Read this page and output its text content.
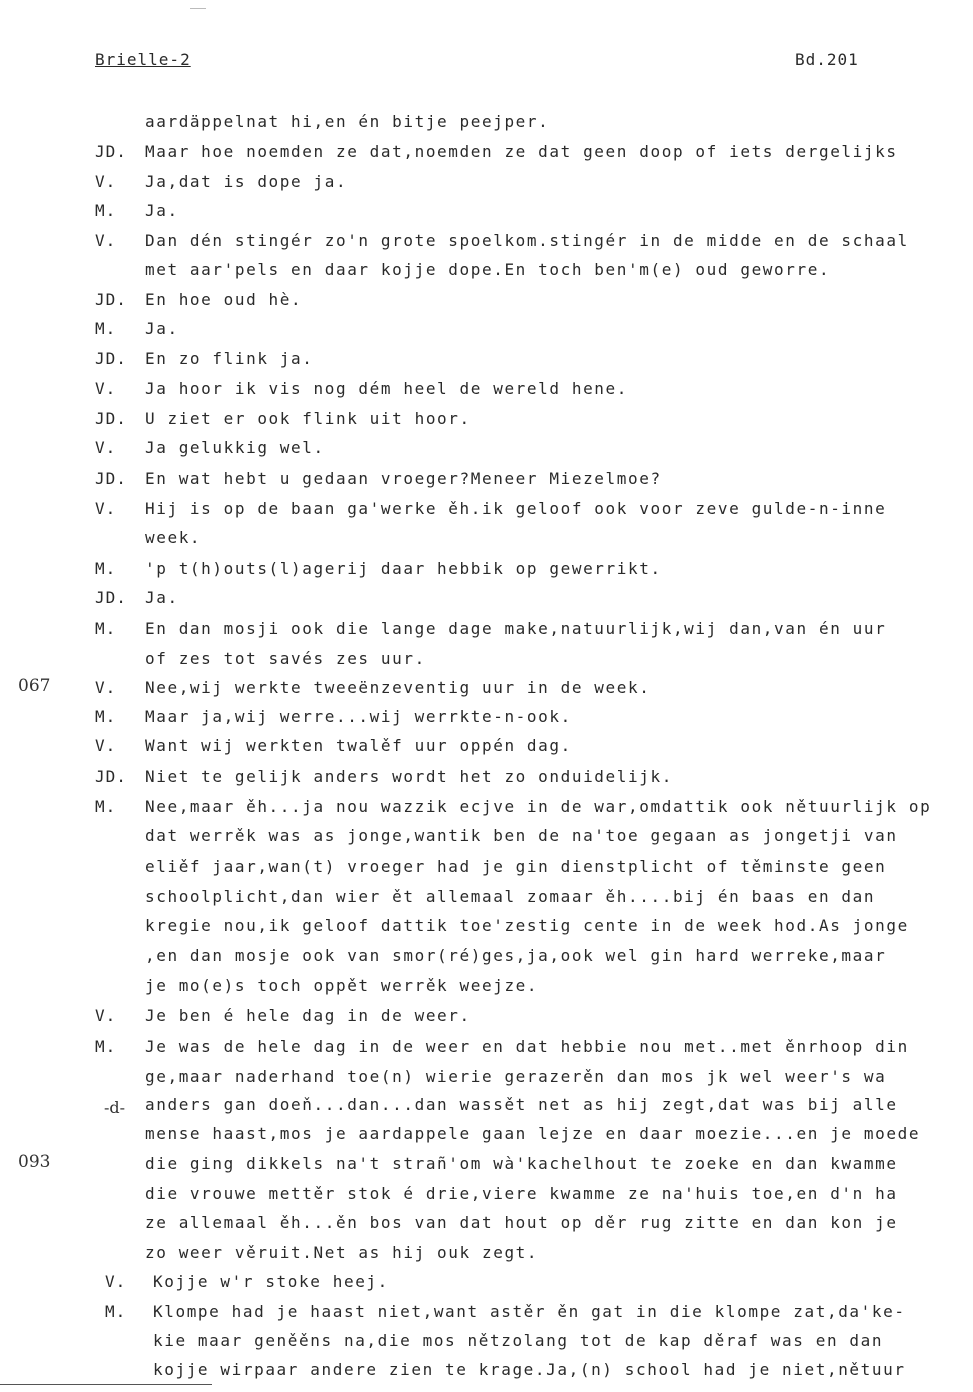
Brielle-2	Bd.201
067
093
-d-
aardäppelnat hi,en én bitje peejper.
JD. Maar hoe noemden ze dat,noemden ze dat geen doop of iets dergelijks
V. Ja,dat is dope ja.
M. Ja.
V. Dan dén stingér zo'n grote spoelkom.stingér in de midde en de schaal
met aar'pels en daar kojje dope.En toch ben'm(e) oud geworre.
JD. En hoe oud hè.
M. Ja.
JD. En zo flink ja.
V. Ja hoor ik vis nog dém heel de wereld hene.
JD. U ziet er ook flink uit hoor.
V. Ja gelukkig wel.
JD. En wat hebt u gedaan vroeger?Meneer Miezelmoe?
V. Hij is op de baan ga'werke ěh.ik geloof ook voor zeve gulde-n-inne
week.
M. 'p t(h)outs(l)agerij daar hebbik op gewerrikt.
JD. Ja.
M. En dan mosji ook die lange dage make,natuurlijk,wij dan,van én uur
of zes tot savés zes uur.
V. Nee,wij werkte tweeënzeventig uur in de week.
M. Maar ja,wij werre...wij werrkte-n-ook.
V. Want wij werkten twalěf uur oppén dag.
JD. Niet te gelijk anders wordt het zo onduidelijk.
M. Nee,maar ěh...ja nou wazzik ecjve in de war,omdattik ook nětuurlijk op
dat werrěk was as jonge,wantik ben de na'toe gegaan as jongetji van
eliěf jaar,wan(t) vroeger had je gin dienstplicht of těminste geen
schoolplicht,dan wier ět allemaal zomaar ěh....bij én baas en dan
kregie nou,ik geloof dattik toe'zestig cente in de week hod.As jonge
,en dan mosje ook van smor(ré)ges,ja,ook wel gin hard werreke,maar
je mo(e)s toch oppět werrěk weejze.
V. Je ben é hele dag in de weer.
M. Je was de hele dag in de weer en dat hebbie nou met..met ěnrhoop din
ge,maar naderhand toe(n) wierie gerazerěn dan mos jk wel weer's wa
anders gan doeň...dan...dan wassět net as hij zegt,dat was bij alle
mense haast,mos je aardappele gaan lejze en daar moezie...en je moede
die ging dikkels na't strañ'om wà'kachelhout te zoeke en dan kwamme
die vrouwe mettěr stok é drie,viere kwamme ze na'huis toe,en d'n ha
ze allemaal ěh...ěn bos van dat hout op děr rug zitte en dan kon je
zo weer věruit.Net as hij ouk zegt.
V. Kojje w'r stoke heej.
M. Klompe had je haast niet,want astěr ěn gat in die klompe zat,da'ke-
kie maar geněěns na,die mos nětzolang tot de kap děraf was en dan
kojje wirpaar andere zien te krage.Ja,(n) school had je niet,nětuur
